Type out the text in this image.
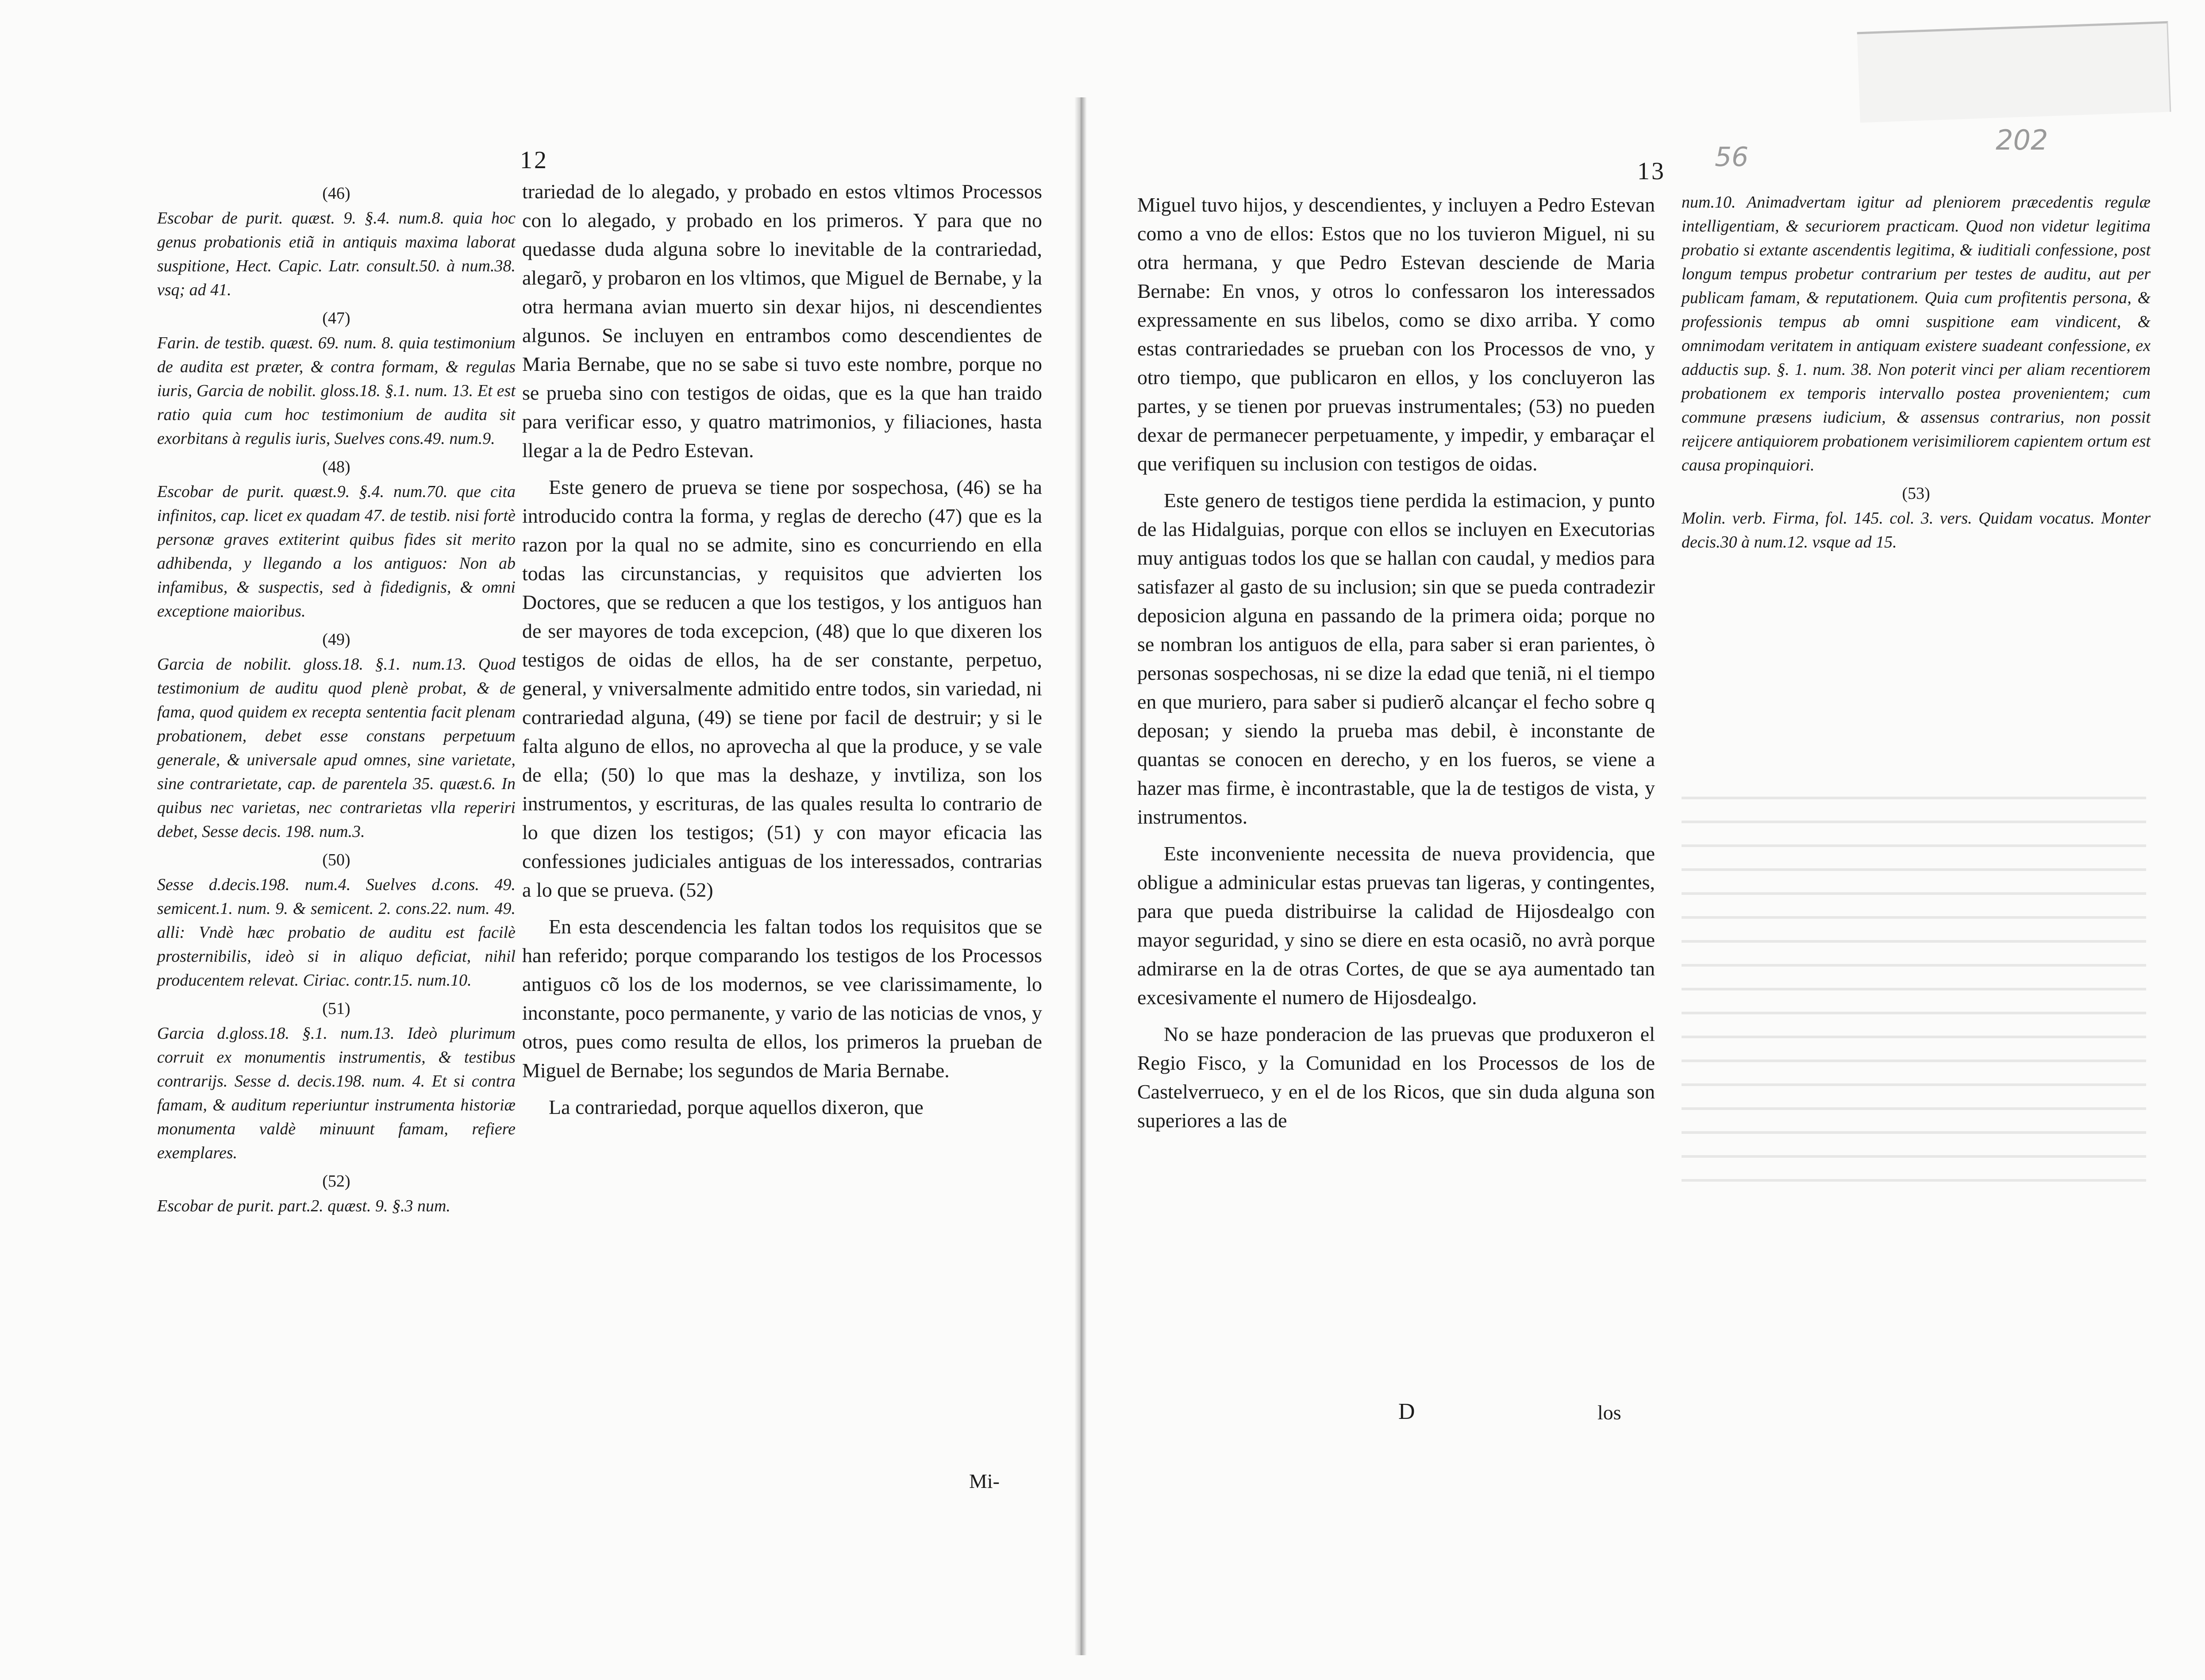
12

(46)

Escobar de purit. quæst. 9. §.4. num.8. quia hoc genus probationis etiã in antiquis maxima laborat suspitione, Hect. Capic. Latr. consult.50. à num.38. vsq; ad 41.

(47)

Farin. de testib. quæst. 69. num. 8. quia testimonium de audita est præter, & contra formam, & regulas iuris, Garcia de nobilit. gloss.18. §.1. num. 13. Et est ratio quia cum hoc testimonium de audita sit exorbitans à regulis iuris, Suelves cons.49. num.9.

(48)

Escobar de purit. quæst.9. §.4. num.70. que cita infinitos, cap. licet ex quadam 47. de testib. nisi fortè personæ graves extiterint quibus fides sit merito adhibenda, y llegando a los antiguos: Non ab infamibus, & suspectis, sed à fidedignis, & omni exceptione maioribus.

(49)

Garcia de nobilit. gloss.18. §.1. num.13. Quod testimonium de auditu quod plenè probat, & de fama, quod quidem ex recepta sententia facit plenam probationem, debet esse constans perpetuum generale, & universale apud omnes, sine varietate, sine contrarietate, cap. de parentela 35. quæst.6. In quibus nec varietas, nec contrarietas vlla reperiri debet, Sesse decis. 198. num.3.

(50)

Sesse d.decis.198. num.4. Suelves d.cons. 49. semicent.1. num. 9. & semicent. 2. cons.22. num. 49. alli: Vndè hæc probatio de auditu est facilè prosternibilis, ideò si in aliquo deficiat, nihil producentem relevat. Ciriac. contr.15. num.10.

(51)

Garcia d.gloss.18. §.1. num.13. Ideò plurimum corruit ex monumentis instrumentis, & testibus contrarijs. Sesse d. decis.198. num. 4. Et si contra famam, & auditum reperiuntur instrumenta historiæ monumenta valdè minuunt famam, refiere exemplares.

(52)

Escobar de purit. part.2. quæst. 9. §.3 num.

trariedad de lo alegado, y probado en estos vltimos Processos con lo alegado, y probado en los primeros. Y para que no quedasse duda alguna sobre lo inevitable de la contrariedad, alegarõ, y probaron en los vltimos, que Miguel de Bernabe, y la otra hermana avian muerto sin dexar hijos, ni descendientes algunos. Se incluyen en entrambos como descendientes de Maria Bernabe, que no se sabe si tuvo este nombre, porque no se prueba sino con testigos de oidas, que es la que han traido para verificar esso, y quatro matrimonios, y filiaciones, hasta llegar a la de Pedro Estevan.

Este genero de prueva se tiene por sospechosa, (46) se ha introducido contra la forma, y reglas de derecho (47) que es la razon por la qual no se admite, sino es concurriendo en ella todas las circunstancias, y requisitos que advierten los Doctores, que se reducen a que los testigos, y los antiguos han de ser mayores de toda excepcion, (48) que lo que dixeren los testigos de oidas de ellos, ha de ser constante, perpetuo, general, y vniversalmente admitido entre todos, sin variedad, ni contrariedad alguna, (49) se tiene por facil de destruir; y si le falta alguno de ellos, no aprovecha al que la produce, y se vale de ella; (50) lo que mas la deshaze, y invtiliza, son los instrumentos, y escrituras, de las quales resulta lo contrario de lo que dizen los testigos; (51) y con mayor eficacia las confessiones judiciales antiguas de los interessados, contrarias a lo que se prueva. (52)

En esta descendencia les faltan todos los requisitos que se han referido; porque comparando los testigos de los Processos antiguos cõ los de los modernos, se vee clarissimamente, lo inconstante, poco permanente, y vario de las noticias de vnos, y otros, pues como resulta de ellos, los primeros la prueban de Miguel de Bernabe; los segundos de Maria Bernabe.

La contrariedad, porque aquellos dixeron, que

Mi-
13 56
202

Miguel tuvo hijos, y descendientes, y incluyen a Pedro Estevan como a vno de ellos: Estos que no los tuvieron Miguel, ni su otra hermana, y que Pedro Estevan desciende de Maria Bernabe: En vnos, y otros lo confessaron los interessados expressamente en sus libelos, como se dixo arriba. Y como estas contrariedades se prueban con los Processos de vno, y otro tiempo, que publicaron en ellos, y los concluyeron las partes, y se tienen por pruevas instrumentales; (53) no pueden dexar de permanecer perpetuamente, y impedir, y embaraçar el que verifiquen su inclusion con testigos de oidas.

Este genero de testigos tiene perdida la estimacion, y punto de las Hidalguias, porque con ellos se incluyen en Executorias muy antiguas todos los que se hallan con caudal, y medios para satisfazer al gasto de su inclusion; sin que se pueda contradezir deposicion alguna en passando de la primera oida; porque no se nombran los antiguos de ella, para saber si eran parientes, ò personas sospechosas, ni se dize la edad que teniã, ni el tiempo en que muriero, para saber si pudierõ alcançar el fecho sobre q deposan; y siendo la prueba mas debil, è inconstante de quantas se conocen en derecho, y en los fueros, se viene a hazer mas firme, è incontrastable, que la de testigos de vista, y instrumentos.

Este inconveniente necessita de nueva providencia, que obligue a adminicular estas pruevas tan ligeras, y contingentes, para que pueda distribuirse la calidad de Hijosdealgo con mayor seguridad, y sino se diere en esta ocasiõ, no avrà porque admirarse en la de otras Cortes, de que se aya aumentado tan excesivamente el numero de Hijosdealgo.

No se haze ponderacion de las pruevas que produxeron el Regio Fisco, y la Comunidad en los Processos de los de Castelverrueco, y en el de los Ricos, que sin duda alguna son superiores a las de

D	los

num.10. Animadvertam igitur ad pleniorem præcedentis regulæ intelligentiam, & securiorem practicam. Quod non videtur legitima probatio si extante ascendentis legitima, & iuditiali confessione, post longum tempus probetur contrarium per testes de auditu, aut per publicam famam, & reputationem. Quia cum profitentis persona, & professionis tempus ab omni suspitione eam vindicent, & omnimodam veritatem in antiquam existere suadeant confessione, ex adductis sup. §. 1. num. 38. Non poterit vinci per aliam recentiorem probationem ex temporis intervallo postea provenientem; cum commune præsens iudicium, & assensus contrarius, non possit reijcere antiquiorem probationem verisimiliorem capientem ortum est causa propinquiori.

(53)

Molin. verb. Firma, fol. 145. col. 3. vers. Quidam vocatus. Monter decis.30 à num.12. vsque ad 15.
